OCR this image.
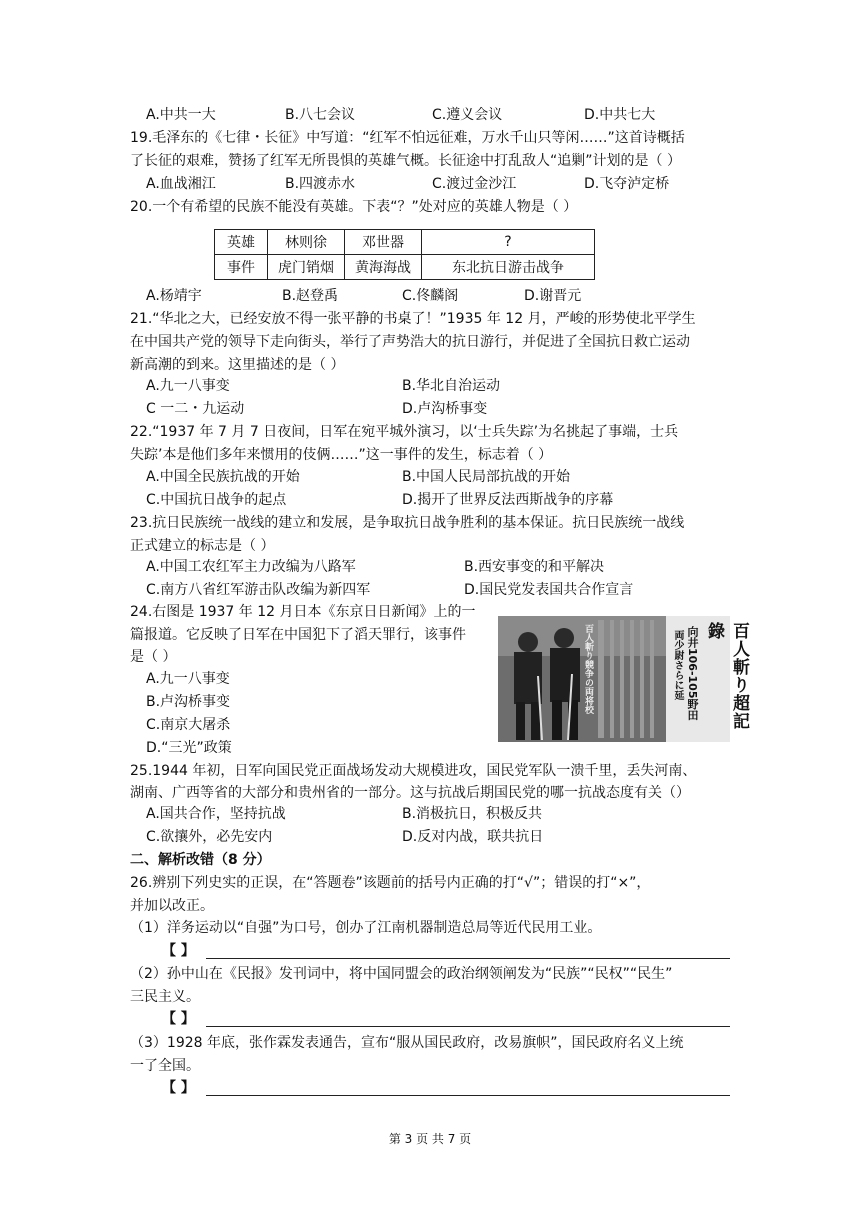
A.中共一大	B.八七会议	C.遵义会议	D.中共七大
19.毛泽东的《七律・长征》中写道：“红军不怕远征难，万水千山只等闲……”这首诗概括
了长征的艰难，赞扬了红军无所畏惧的英雄气概。长征途中打乱敌人“追剿”计划的是（ ）
A.血战湘江	B.四渡赤水	C.渡过金沙江	D.飞夺泸定桥
20.一个有希望的民族不能没有英雄。下表“？”处对应的英雄人物是（ ）
英雄	林则徐	邓世器	?
事件	虎门销烟	黄海海战	东北抗日游击战争
A.杨靖宇	B.赵登禹	C.佟麟阁	D.谢晋元
21.“华北之大，已经安放不得一张平静的书桌了！”1935 年 12 月，严峻的形势使北平学生
在中国共产党的领导下走向街头，举行了声势浩大的抗日游行，并促进了全国抗日救亡运动
新高潮的到来。这里描述的是（ ）
A.九一八事变	B.华北自治运动
C 一二・九运动	D.卢沟桥事变
22.“1937 年 7 月 7 日夜间，日军在宛平城外演习，以‘士兵失踪’为名挑起了事端，士兵
失踪’本是他们多年来惯用的伎俩……”这一事件的发生，标志着（ ）
A.中国全民族抗战的开始	B.中国人民局部抗战的开始
C.中国抗日战争的起点	D.揭开了世界反法西斯战争的序幕
23.抗日民族统一战线的建立和发展，是争取抗日战争胜利的基本保证。抗日民族统一战线
正式建立的标志是（ ）
A.中国工农红军主力改编为八路军	B.西安事变的和平解决
C.南方八省红军游击队改编为新四军	D.国民党发表国共合作宣言
24.右图是 1937 年 12 月日本《东京日日新闻》上的一
篇报道。它反映了日军在中国犯下了滔天罪行，该事件
是（ ）
A.九一八事变
B.卢沟桥事变
C.南京大屠杀
D.“三光”政策
百人斬り超記錄
向井106-105野田
両少尉さらに延
百人斬り競争の両将校
25.1944 年初，日军向国民党正面战场发动大规模进攻，国民党军队一溃千里，丢失河南、
湖南、广西等省的大部分和贵州省的一部分。这与抗战后期国民党的哪一抗战态度有关（）
A.国共合作，坚持抗战	B.消极抗日，积极反共
C.欲攘外，必先安内	D.反对内战，联共抗日
二、解析改错（8 分）
26.辨别下列史实的正误，在“答题卷”该题前的括号内正确的打“√”；错误的打“×”，
并加以改正。
（1）洋务运动以“自强”为口号，创办了江南机器制造总局等近代民用工业。
【 】
（2）孙中山在《民报》发刊词中，将中国同盟会的政治纲领阐发为“民族”“民权”“民生”
三民主义。
【 】
（3）1928 年底，张作霖发表通告，宣布“服从国民政府，改易旗帜”，国民政府名义上统
一了全国。
【 】
第 3 页 共 7 页
